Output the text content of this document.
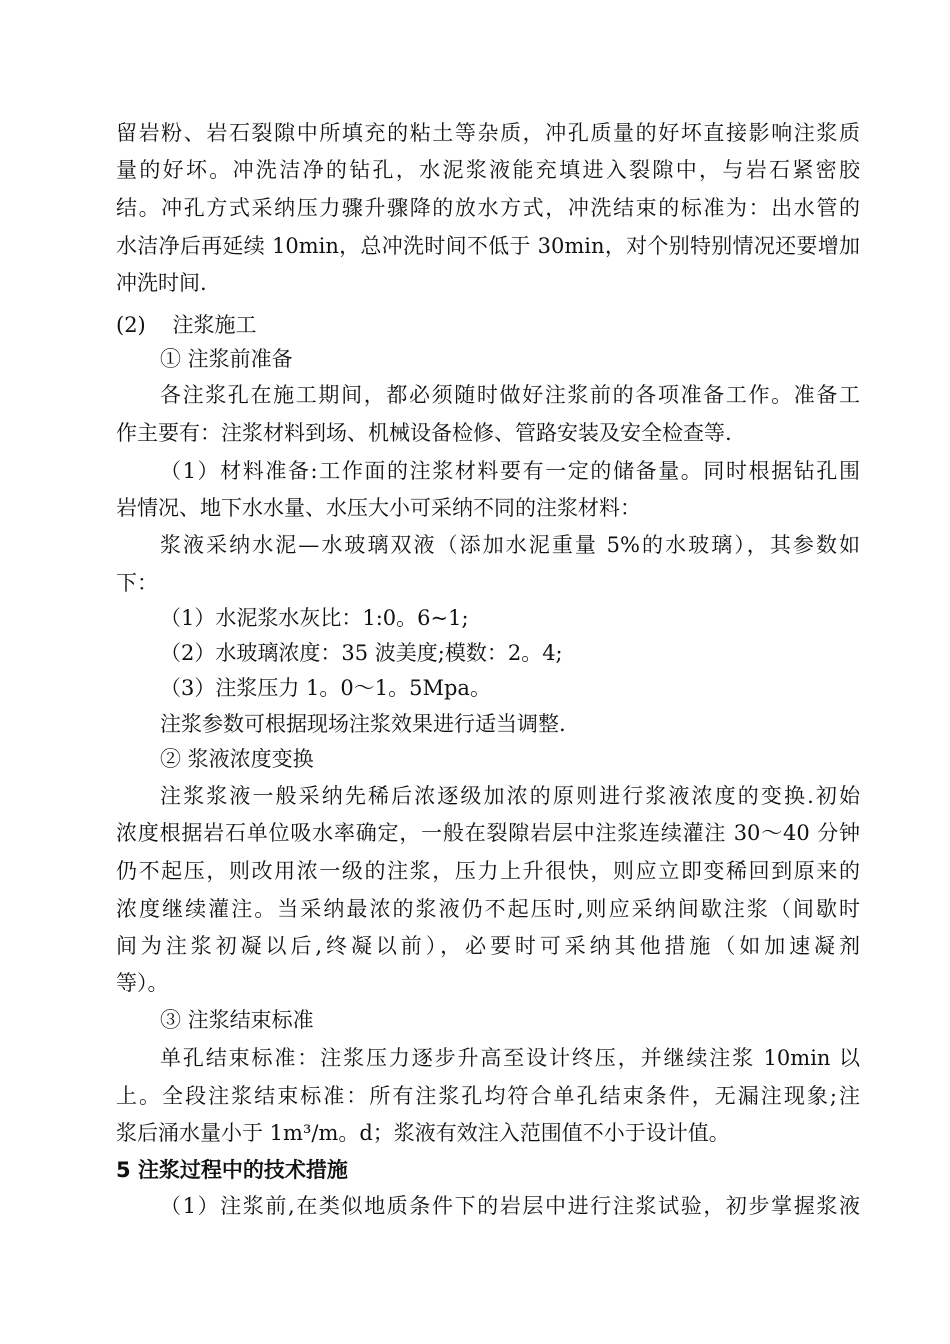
留岩粉、岩石裂隙中所填充的粘土等杂质，冲孔质量的好坏直接影响注浆质
量的好坏。冲洗洁净的钻孔，水泥浆液能充填进入裂隙中，与岩石紧密胶
结。冲孔方式采纳压力骤升骤降的放水方式，冲洗结束的标准为：出水管的
水洁净后再延续 10min，总冲洗时间不低于 30min，对个别特别情况还要增加
冲洗时间.
(2)    注浆施工
① 注浆前准备
各注浆孔在施工期间，都必须随时做好注浆前的各项准备工作。准备工
作主要有：注浆材料到场、机械设备检修、管路安装及安全检查等.
（1）材料准备:工作面的注浆材料要有一定的储备量。同时根据钻孔围
岩情况、地下水水量、水压大小可采纳不同的注浆材料：
浆液采纳水泥—水玻璃双液（添加水泥重量 5%的水玻璃），其参数如
下：
（1）水泥浆水灰比：1:0。6~1;
（2）水玻璃浓度：35 波美度;模数：2。4;
（3）注浆压力 1。0～1。5Mpa。
注浆参数可根据现场注浆效果进行适当调整.
② 浆液浓度变换
注浆浆液一般采纳先稀后浓逐级加浓的原则进行浆液浓度的变换.初始
浓度根据岩石单位吸水率确定，一般在裂隙岩层中注浆连续灌注 30～40 分钟
仍不起压，则改用浓一级的注浆，压力上升很快，则应立即变稀回到原来的
浓度继续灌注。当采纳最浓的浆液仍不起压时,则应采纳间歇注浆（间歇时
间为注浆初凝以后,终凝以前），必要时可采纳其他措施（如加速凝剂
等）。
③ 注浆结束标准
单孔结束标准：注浆压力逐步升高至设计终压，并继续注浆 10min 以
上。全段注浆结束标准：所有注浆孔均符合单孔结束条件，无漏注现象;注
浆后涌水量小于 1m³/m。d；浆液有效注入范围值不小于设计值。
5 注浆过程中的技术措施
（1）注浆前,在类似地质条件下的岩层中进行注浆试验，初步掌握浆液
